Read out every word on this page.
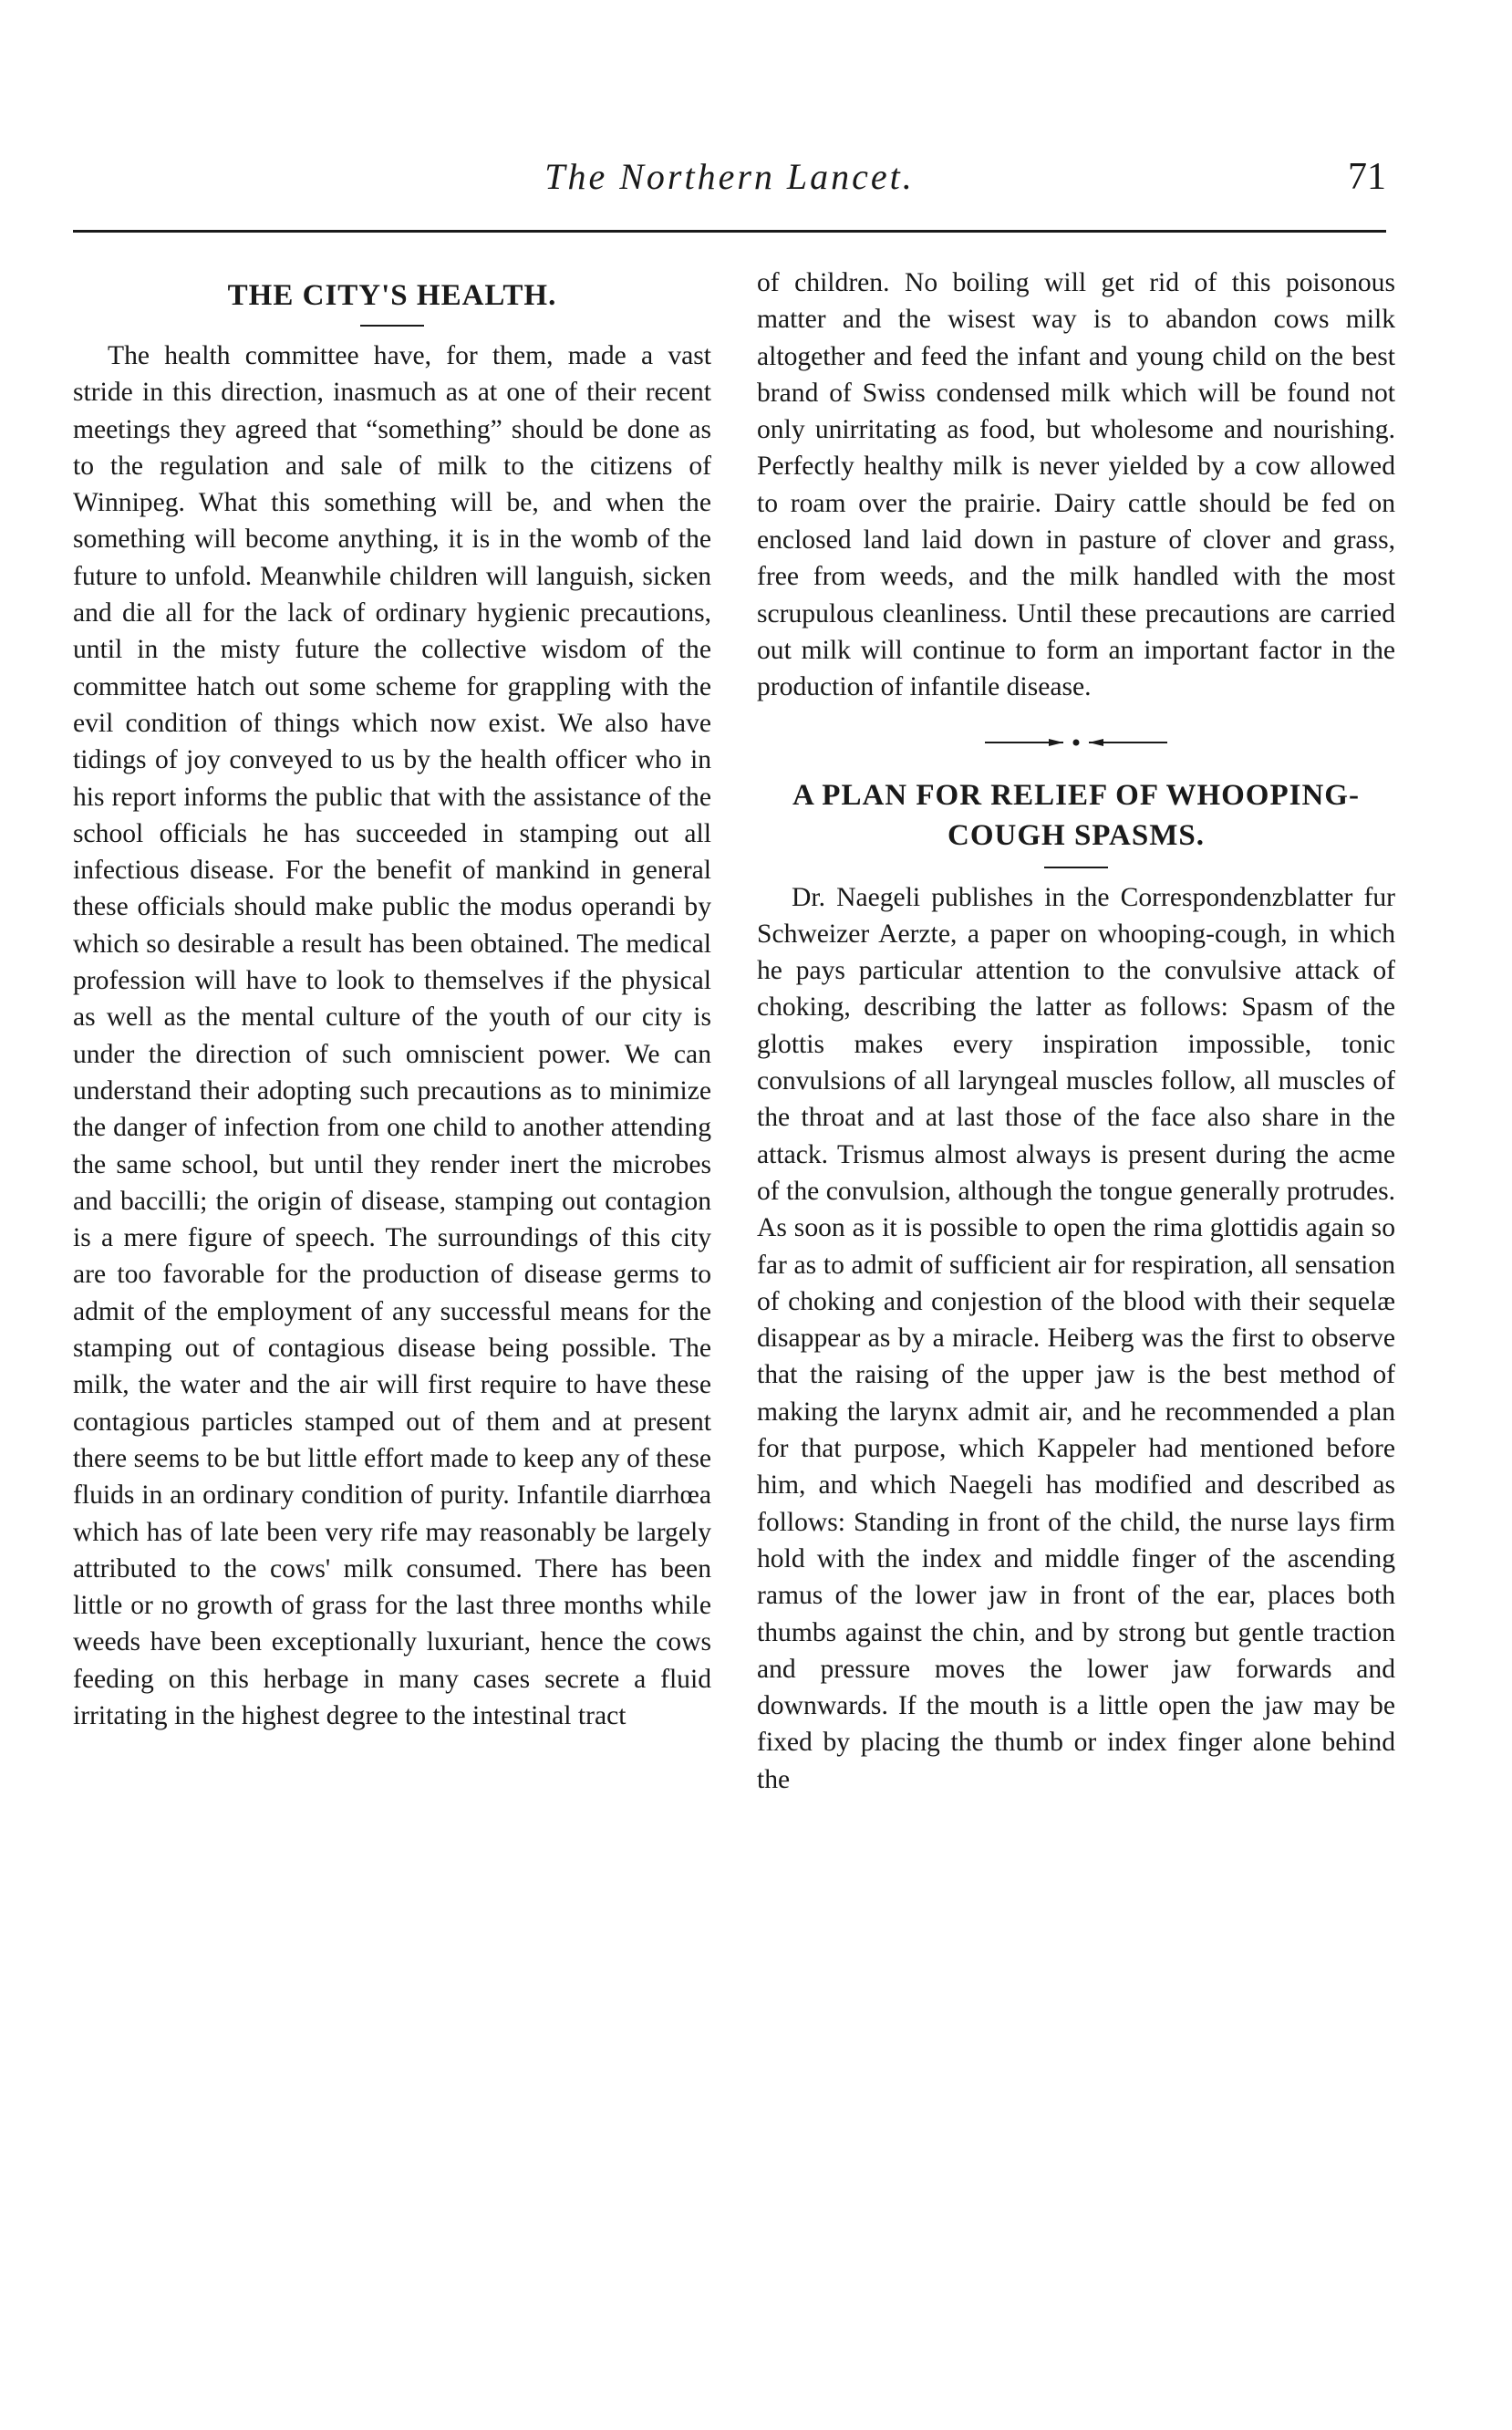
The Northern Lancet.	71
THE CITY'S HEALTH.

The health committee have, for them, made a vast stride in this direction, inasmuch as at one of their recent meetings they agreed that “something” should be done as to the regulation and sale of milk to the citizens of Winnipeg. What this something will be, and when the something will become anything, it is in the womb of the future to unfold. Meanwhile children will languish, sicken and die all for the lack of ordinary hygienic precautions, until in the misty future the collective wisdom of the committee hatch out some scheme for grappling with the evil condition of things which now exist. We also have tidings of joy conveyed to us by the health officer who in his report informs the public that with the assistance of the school officials he has succeeded in stamping out all infectious disease. For the benefit of mankind in general these officials should make public the modus operandi by which so desirable a result has been obtained. The medical profession will have to look to themselves if the physical as well as the mental culture of the youth of our city is under the direction of such omniscient power. We can understand their adopting such precautions as to minimize the danger of infection from one child to another attending the same school, but until they render inert the microbes and baccilli; the origin of disease, stamping out contagion is a mere figure of speech. The surroundings of this city are too favorable for the production of disease germs to admit of the employment of any successful means for the stamping out of contagious disease being possible. The milk, the water and the air will first require to have these contagious particles stamped out of them and at present there seems to be but little effort made to keep any of these fluids in an ordinary condition of purity. Infantile diarrhœa which has of late been very rife may reasonably be largely attributed to the cows' milk consumed. There has been little or no growth of grass for the last three months while weeds have been exceptionally luxuriant, hence the cows feeding on this herbage in many cases secrete a fluid irritating in the highest degree to the intestinal tract

of children. No boiling will get rid of this poisonous matter and the wisest way is to abandon cows milk altogether and feed the infant and young child on the best brand of Swiss condensed milk which will be found not only unirritating as food, but wholesome and nourishing. Perfectly healthy milk is never yielded by a cow allowed to roam over the prairie. Dairy cattle should be fed on enclosed land laid down in pasture of clover and grass, free from weeds, and the milk handled with the most scrupulous cleanliness. Until these precautions are carried out milk will continue to form an important factor in the production of infantile disease.

A PLAN FOR RELIEF OF WHOOPING-COUGH SPASMS.

Dr. Naegeli publishes in the Correspondenzblatter fur Schweizer Aerzte, a paper on whooping-cough, in which he pays particular attention to the convulsive attack of choking, describing the latter as follows: Spasm of the glottis makes every inspiration impossible, tonic convulsions of all laryngeal muscles follow, all muscles of the throat and at last those of the face also share in the attack. Trismus almost always is present during the acme of the convulsion, although the tongue generally protrudes. As soon as it is possible to open the rima glottidis again so far as to admit of sufficient air for respiration, all sensation of choking and conjestion of the blood with their sequelæ disappear as by a miracle. Heiberg was the first to observe that the raising of the upper jaw is the best method of making the larynx admit air, and he recommended a plan for that purpose, which Kappeler had mentioned before him, and which Naegeli has modified and described as follows: Standing in front of the child, the nurse lays firm hold with the index and middle finger of the ascending ramus of the lower jaw in front of the ear, places both thumbs against the chin, and by strong but gentle traction and pressure moves the lower jaw forwards and downwards. If the mouth is a little open the jaw may be fixed by placing the thumb or index finger alone behind the
